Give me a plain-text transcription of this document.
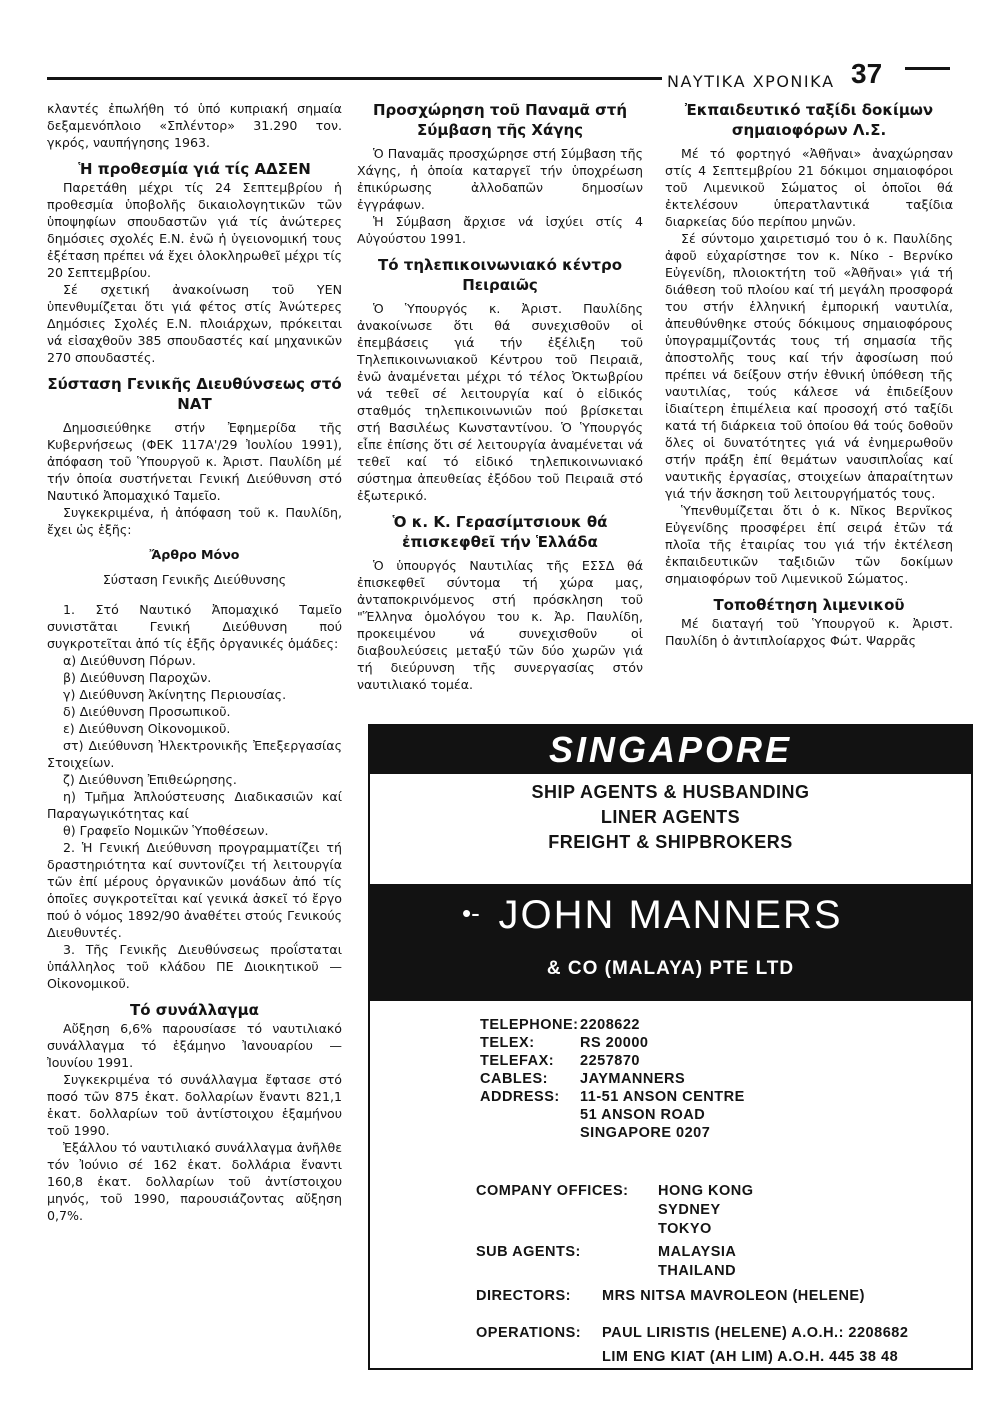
ΝΑΥΤΙΚΑ ΧΡΟΝΙΚΑ 37

κλαντές ἐπωλήθη τό ὑπό κυπριακή σημαία δεξαμενόπλοιο «Σπλέντορ» 31.290 τον. γκρός, ναυπήγησης 1963.

Ἡ προθεσμία γιά τίς ΑΔΣΕΝ

Παρετάθη μέχρι τίς 24 Σεπτεμβρίου ἡ προθεσμία ὑποβολῆς δικαιολογητικῶν τῶν ὑποψηφίων σπουδαστῶν γιά τίς ἀνώτερες δημόσιες σχολές Ε.Ν. ἐνῶ ἡ ὑγειονομική τους ἐξέταση πρέπει νά ἔχει ὁλοκληρωθεῖ μέχρι τίς 20 Σεπτεμβρίου.

Σέ σχετική ἀνακοίνωση τοῦ ΥΕΝ ὑπενθυμίζεται ὅτι γιά φέτος στίς Ἀνώτερες Δημόσιες Σχολές Ε.Ν. πλοιάρχων, πρόκειται νά εἰσαχθοῦν 385 σπουδαστές καί μηχανικῶν 270 σπουδαστές.

Σύσταση Γενικῆς Διευθύνσεως στό ΝΑΤ

Δημοσιεύθηκε στήν Ἐφημερίδα τῆς Κυβερνήσεως (ΦΕΚ 117Α'/29 Ἰουλίου 1991), ἀπόφαση τοῦ Ὑπουργοῦ κ. Ἀριστ. Παυλίδη μέ τήν ὁποία συστήνεται Γενική Διεύθυνση στό Ναυτικό Ἀπομαχικό Ταμεῖο.

Συγκεκριμένα, ἡ ἀπόφαση τοῦ κ. Παυλίδη, ἔχει ὡς ἑξῆς:

Ἄρθρο Μόνο

Σύσταση Γενικῆς Διεύθυνσης

1. Στό Ναυτικό Ἀπομαχικό Ταμεῖο συνιστᾶται Γενική Διεύθυνση πού συγκροτεῖται ἀπό τίς ἑξῆς ὀργανικές ὁμάδες:

α) Διεύθυνση Πόρων.

β) Διεύθυνση Παροχῶν.

γ) Διεύθυνση Ἀκίνητης Περιουσίας.

δ) Διεύθυνση Προσωπικοῦ.

ε) Διεύθυνση Οἰκονομικοῦ.

στ) Διεύθυνση Ἠλεκτρονικῆς Ἐπεξεργασίας Στοιχείων.

ζ) Διεύθυνση Ἐπιθεώρησης.

η) Τμῆμα Ἀπλούστευσης Διαδικασιῶν καί Παραγωγικότητας καί

θ) Γραφεῖο Νομικῶν Ὑποθέσεων.

2. Ἡ Γενική Διεύθυνση προγραμματίζει τή δραστηριότητα καί συντονίζει τή λειτουργία τῶν ἐπί μέρους ὀργανικῶν μονάδων ἀπό τίς ὁποῖες συγκροτεῖται καί γενικά ἀσκεῖ τό ἔργο πού ὁ νόμος 1892/90 ἀναθέτει στούς Γενικούς Διευθυντές.

3. Τῆς Γενικῆς Διευθύνσεως προΐσταται ὑπάλληλος τοῦ κλάδου ΠΕ Διοικητικοῦ — Οἰκονομικοῦ.

Τό συνάλλαγμα

Αὔξηση 6,6% παρουσίασε τό ναυτιλιακό συνάλλαγμα τό ἑξάμηνο Ἰανουαρίου — Ἰουνίου 1991.

Συγκεκριμένα τό συνάλλαγμα ἔφτασε στό ποσό τῶν 875 ἑκατ. δολλαρίων ἔναντι 821,1 ἑκατ. δολλαρίων τοῦ ἀντίστοιχου ἑξαμήνου τοῦ 1990.

Ἐξάλλου τό ναυτιλιακό συνάλλαγμα ἀνῆλθε τόν Ἰούνιο σέ 162 ἑκατ. δολλάρια ἔναντι 160,8 ἑκατ. δολλαρίων τοῦ ἀντίστοιχου μηνός, τοῦ 1990, παρουσιάζοντας αὔξηση 0,7%.

Προσχώρηση τοῦ Παναμᾶ στή Σύμβαση τῆς Χάγης

Ὁ Παναμᾶς προσχώρησε στή Σύμβαση τῆς Χάγης, ἡ ὁποία καταργεῖ τήν ὑποχρέωση ἐπικύρωσης ἀλλοδαπῶν δημοσίων ἐγγράφων.

Ἡ Σύμβαση ἄρχισε νά ἰσχύει στίς 4 Αὐγούστου 1991.

Τό τηλεπικοινωνιακό κέντρο Πειραιῶς

Ὁ Ὑπουργός κ. Ἀριστ. Παυλίδης ἀνακοίνωσε ὅτι θά συνεχισθοῦν οἱ ἐπεμβάσεις γιά τήν ἐξέλιξη τοῦ Τηλεπικοινωνιακοῦ Κέντρου τοῦ Πειραιᾶ, ἐνῶ ἀναμένεται μέχρι τό τέλος Ὀκτωβρίου νά τεθεῖ σέ λειτουργία καί ὁ εἰδικός σταθμός τηλεπικοινωνιῶν πού βρίσκεται στή Βασιλέως Κωνσταντίνου. Ὁ Ὑπουργός εἶπε ἐπίσης ὅτι σέ λειτουργία ἀναμένεται νά τεθεῖ καί τό εἰδικό τηλεπικοινωνιακό σύστημα ἀπευθείας ἐξόδου τοῦ Πειραιᾶ στό ἐξωτερικό.

Ὁ κ. Κ. Γερασίμτσιουκ θά ἐπισκεφθεῖ τήν Ἑλλάδα

Ὁ ὑπουργός Ναυτιλίας τῆς ΕΣΣΔ θά ἐπισκεφθεῖ σύντομα τή χώρα μας, ἀνταποκρινόμενος στή πρόσκληση τοῦ "Ἕλληνα ὁμολόγου του κ. Ἀρ. Παυλίδη, προκειμένου νά συνεχισθοῦν οἱ διαβουλεύσεις μεταξύ τῶν δύο χωρῶν γιά τή διεύρυνση τῆς συνεργασίας στόν ναυτιλιακό τομέα.

Ἐκπαιδευτικό ταξίδι δοκίμων σημαιοφόρων Λ.Σ.

Μέ τό φορτηγό «Ἀθῆναι» ἀναχώρησαν στίς 4 Σεπτεμβρίου 21 δόκιμοι σημαιοφόροι τοῦ Λιμενικοῦ Σώματος οἱ ὁποῖοι θά ἐκτελέσουν ὑπερατλαντικά ταξίδια διαρκείας δύο περίπου μηνῶν.

Σέ σύντομο χαιρετισμό του ὁ κ. Παυλίδης ἀφοῦ εὐχαρίστησε τον κ. Νίκο - Βερνίκο Εὐγενίδη, πλοιοκτήτη τοῦ «Ἀθῆναι» γιά τή διάθεση τοῦ πλοίου καί τή μεγάλη προσφορά του στήν ἑλληνική ἐμπορική ναυτιλία, ἀπευθύνθηκε στούς δόκιμους σημαιοφόρους ὑπογραμμίζοντάς τους τή σημασία τῆς ἀποστολῆς τους καί τήν ἀφοσίωση πού πρέπει νά δείξουν στήν ἐθνική ὑπόθεση τῆς ναυτιλίας, τούς κάλεσε νά ἐπιδείξουν ἰδιαίτερη ἐπιμέλεια καί προσοχή στό ταξίδι κατά τή διάρκεια τοῦ ὁποίου θά τούς δοθοῦν ὅλες οἱ δυνατότητες γιά νά ἐνημερωθοῦν στήν πράξη ἐπί θεμάτων ναυσιπλοΐας καί ναυτικῆς ἐργασίας, στοιχείων ἀπαραίτητων γιά τήν ἄσκηση τοῦ λειτουργήματός τους.

Ὑπενθυμίζεται ὅτι ὁ κ. Νῖκος Βερνῖκος Εὐγενίδης προσφέρει ἐπί σειρά ἐτῶν τά πλοῖα τῆς ἑταιρίας του γιά τήν ἐκτέλεση ἐκπαιδευτικῶν ταξιδιῶν τῶν δοκίμων σημαιοφόρων τοῦ Λιμενικοῦ Σώματος.

Τοποθέτηση λιμενικοῦ

Μέ διαταγή τοῦ Ὑπουργοῦ κ. Ἀριστ. Παυλίδη ὁ ἀντιπλοίαρχος Φώτ. Ψαρρᾶς

SINGAPORE
SHIP AGENTS & HUSBANDING
LINER AGENTS
FREIGHT & SHIPBROKERS
•- JOHN MANNERS
& CO (MALAYA) PTE LTD
TELEPHONE: 2208622
TELEX:	RS 20000
TELEFAX: 2257870
CABLES: JAYMANNERS
ADDRESS: 11-51 ANSON CENTRE
51 ANSON ROAD
SINGAPORE 0207
COMPANY OFFICES: HONG KONG
SYDNEY
TOKYO
SUB AGENTS:	MALAYSIA
THAILAND
DIRECTORS: MRS NITSA MAVROLEON (HELENE)
OPERATIONS: PAUL LIRISTIS (HELENE) A.O.H.: 2208682
LIM ENG KIAT (AH LIM) A.O.H. 445 38 48
